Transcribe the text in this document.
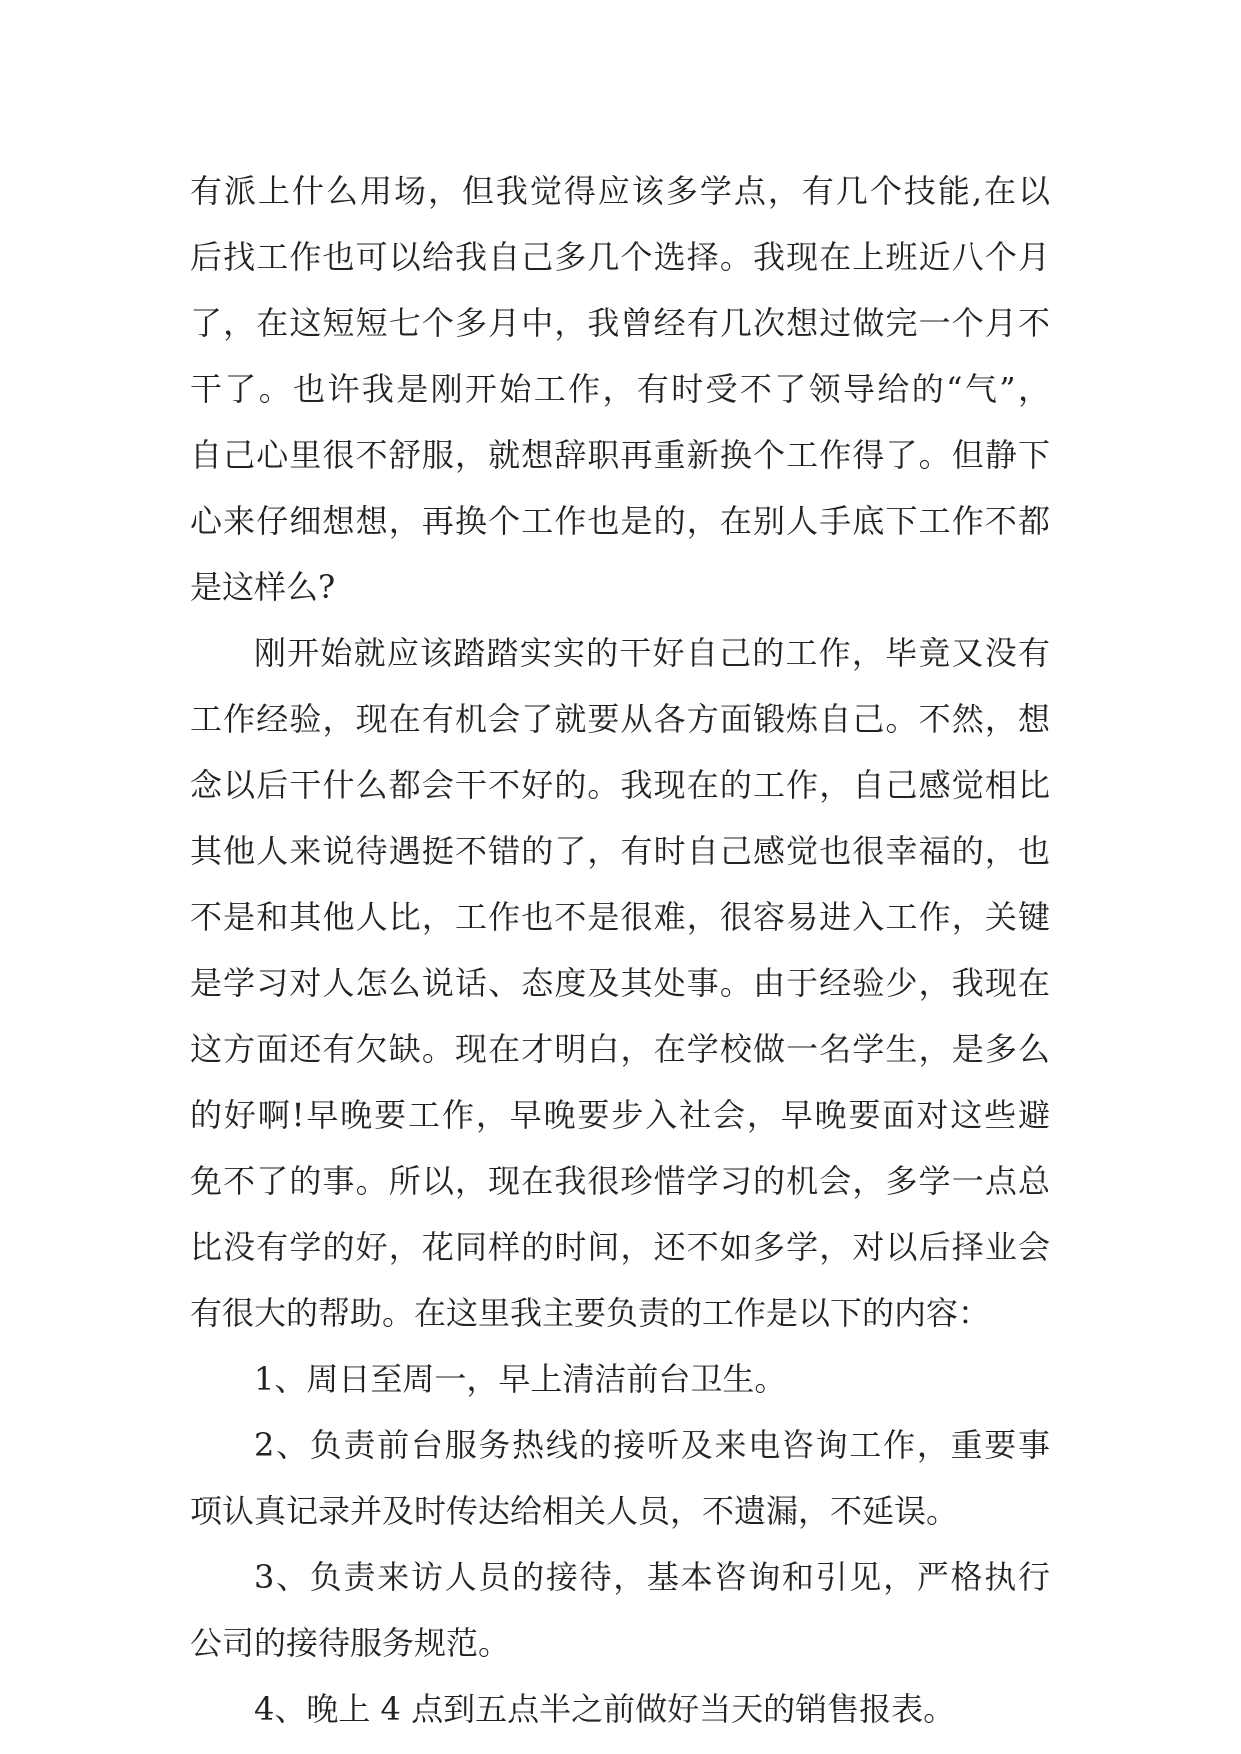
有派上什么用场，但我觉得应该多学点，有几个技能,在以
后找工作也可以给我自己多几个选择。我现在上班近八个月
了，在这短短七个多月中，我曾经有几次想过做完一个月不
干了。也许我是刚开始工作，有时受不了领导给的“气”，
自己心里很不舒服，就想辞职再重新换个工作得了。但静下
心来仔细想想，再换个工作也是的，在别人手底下工作不都
是这样么?
刚开始就应该踏踏实实的干好自己的工作，毕竟又没有
工作经验，现在有机会了就要从各方面锻炼自己。不然，想
念以后干什么都会干不好的。我现在的工作，自己感觉相比
其他人来说待遇挺不错的了，有时自己感觉也很幸福的，也
不是和其他人比，工作也不是很难，很容易进入工作，关键
是学习对人怎么说话、态度及其处事。由于经验少，我现在
这方面还有欠缺。现在才明白，在学校做一名学生，是多么
的好啊!早晚要工作，早晚要步入社会，早晚要面对这些避
免不了的事。所以，现在我很珍惜学习的机会，多学一点总
比没有学的好，花同样的时间，还不如多学，对以后择业会
有很大的帮助。在这里我主要负责的工作是以下的内容：
1、周日至周一，早上清洁前台卫生。
2、负责前台服务热线的接听及来电咨询工作，重要事
项认真记录并及时传达给相关人员，不遗漏，不延误。
3、负责来访人员的接待，基本咨询和引见，严格执行
公司的接待服务规范。
4、晚上 4 点到五点半之前做好当天的销售报表。
